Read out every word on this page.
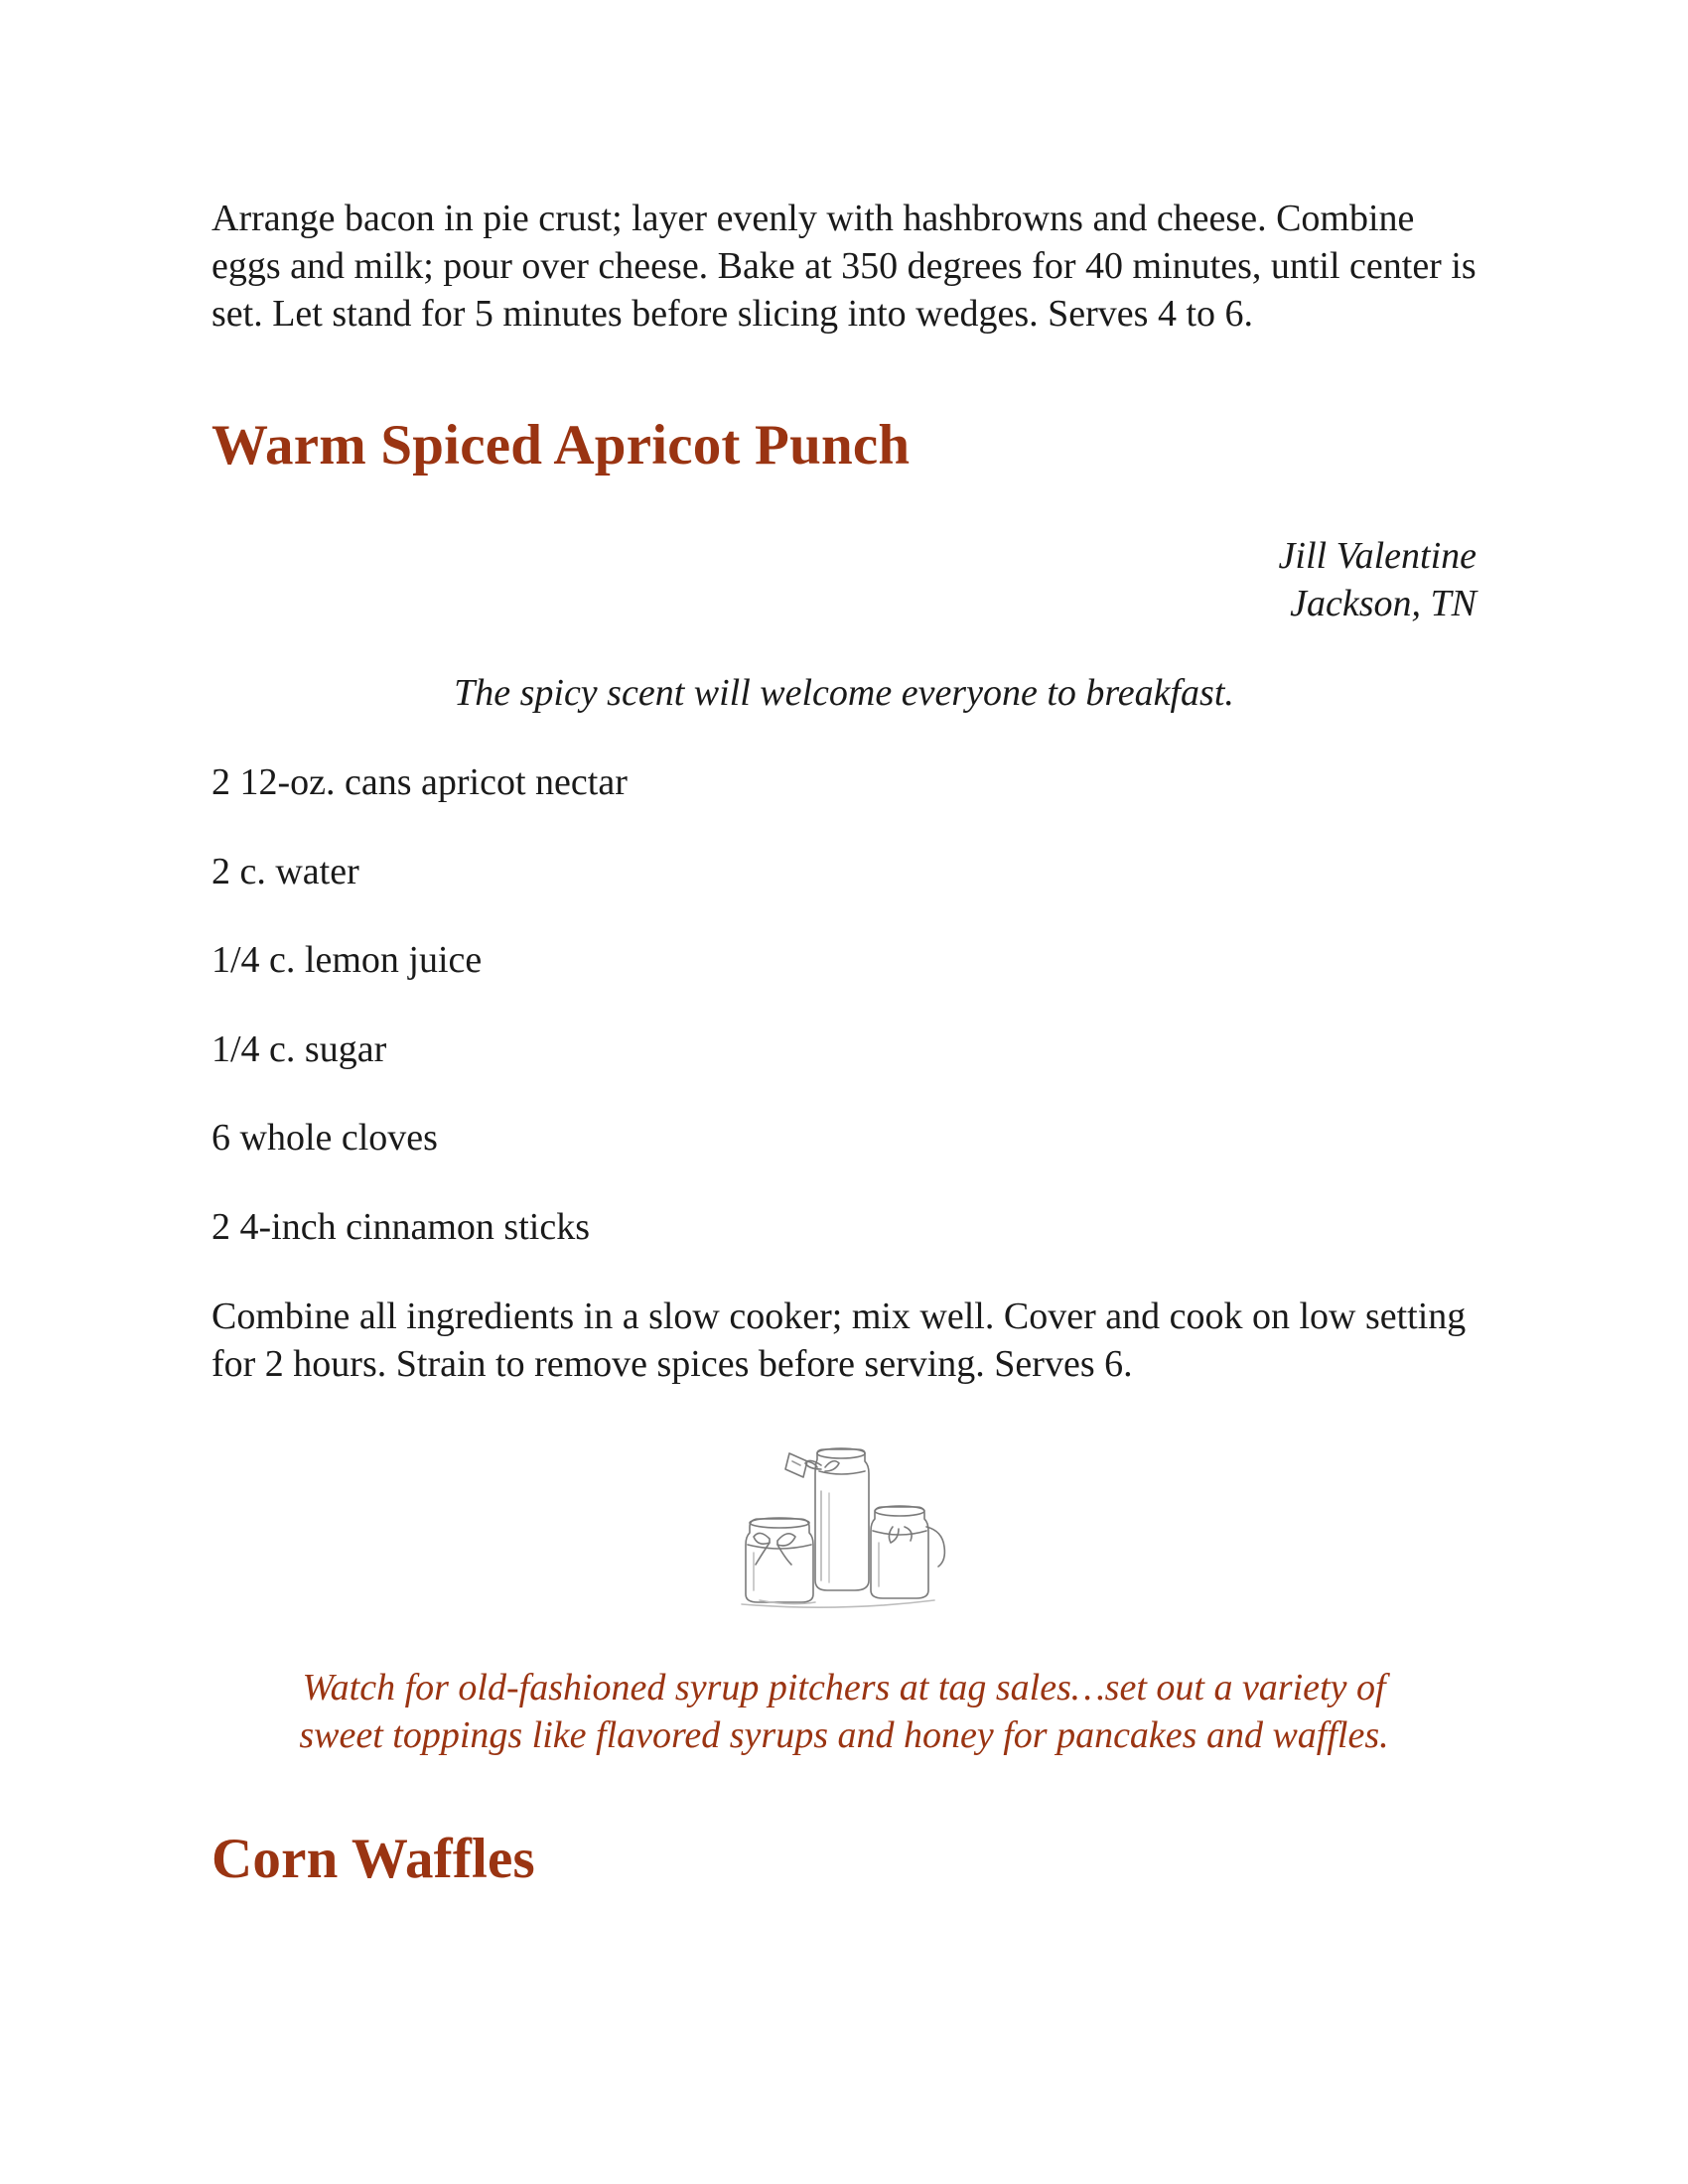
Arrange bacon in pie crust; layer evenly with hashbrowns and cheese. Combine eggs and milk; pour over cheese. Bake at 350 degrees for 40 minutes, until center is set. Let stand for 5 minutes before slicing into wedges. Serves 4 to 6.

Warm Spiced Apricot Punch
Jill Valentine
Jackson, TN
The spicy scent will welcome everyone to breakfast.
2 12-oz. cans apricot nectar
2 c. water
1/4 c. lemon juice
1/4 c. sugar
6 whole cloves
2 4-inch cinnamon sticks

Combine all ingredients in a slow cooker; mix well. Cover and cook on low setting for 2 hours. Strain to remove spices before serving. Serves 6.

Watch for old-fashioned syrup pitchers at tag sales…set out a variety of sweet toppings like flavored syrups and honey for pancakes and waffles.
Corn Waffles
